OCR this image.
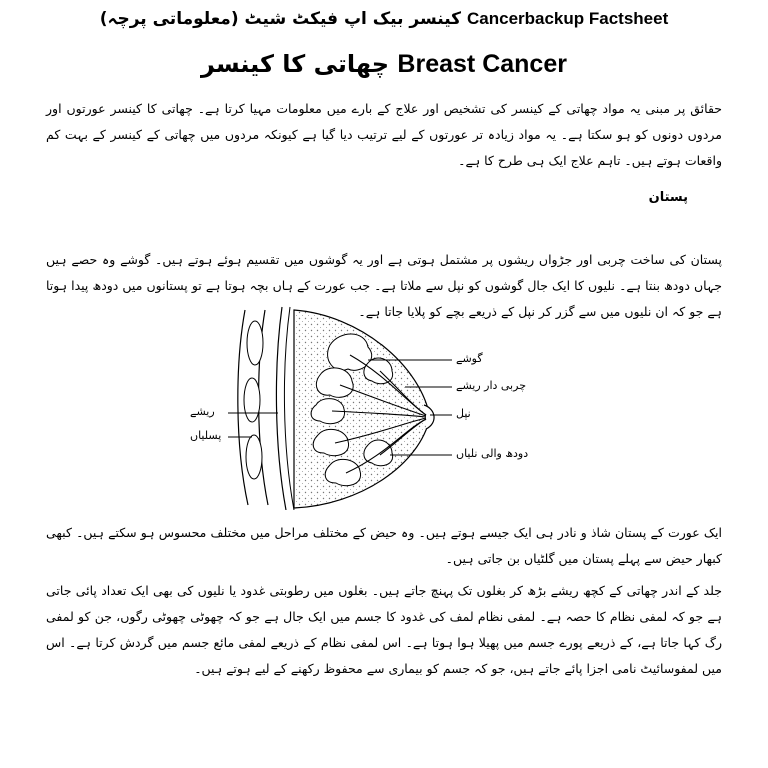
کینسر بیک اپ فیکٹ شیٹ (معلوماتی پرچہ) Cancerbackup Factsheet
چھاتی کا کینسر Breast Cancer
حقائق پر مبنی یہ مواد چھاتی کے کینسر کی تشخیص اور علاج کے بارے میں معلومات مہیا کرتا ہے۔ چھاتی کا کینسر عورتوں اور مردوں دونوں کو ہو سکتا ہے۔ یہ مواد زیادہ تر عورتوں کے لیے ترتیب دیا گیا ہے کیونکہ مردوں میں چھاتی کے کینسر کے بہت کم واقعات ہوتے ہیں۔ تاہم علاج ایک ہی طرح کا ہے۔
پستان
پستان کی ساخت چربی اور جڑواں ریشوں پر مشتمل ہوتی ہے اور یہ گوشوں میں تقسیم ہوئے ہوتے ہیں۔ گوشے وہ حصے ہیں جہاں دودھ بنتا ہے۔ نلیوں کا ایک جال گوشوں کو نپل سے ملاتا ہے۔ جب عورت کے ہاں بچہ ہوتا ہے تو پستانوں میں دودھ پیدا ہوتا ہے جو کہ ان نلیوں میں سے گزر کر نپل کے ذریعے بچے کو پلایا جاتا ہے۔
گوشے
چربی دار ریشے
نپل
دودھ والی نلیاں
ریشے
پسلیاں
ایک عورت کے پستان شاذ و نادر ہی ایک جیسے ہوتے ہیں۔ وہ حیض کے مختلف مراحل میں مختلف محسوس ہو سکتے ہیں۔ کبھی کبھار حیض سے پہلے پستان میں گلٹیاں بن جاتی ہیں۔
جلد کے اندر چھاتی کے کچھ ریشے بڑھ کر بغلوں تک پہنچ جاتے ہیں۔ بغلوں میں رطوبتی غدود یا نلیوں کی بھی ایک تعداد پائی جاتی ہے جو کہ لمفی نظام کا حصہ ہے۔ لمفی نظام لمف کی غدود کا جسم میں ایک جال ہے جو کہ چھوٹی چھوٹی رگوں، جن کو لمفی رگ کہا جاتا ہے، کے ذریعے پورے جسم میں پھیلا ہوا ہوتا ہے۔ اس لمفی نظام کے ذریعے لمفی مائع جسم میں گردش کرتا ہے۔ اس میں لمفوسائیٹ نامی اجزا پائے جاتے ہیں، جو کہ جسم کو بیماری سے محفوظ رکھنے کے لیے ہوتے ہیں۔
